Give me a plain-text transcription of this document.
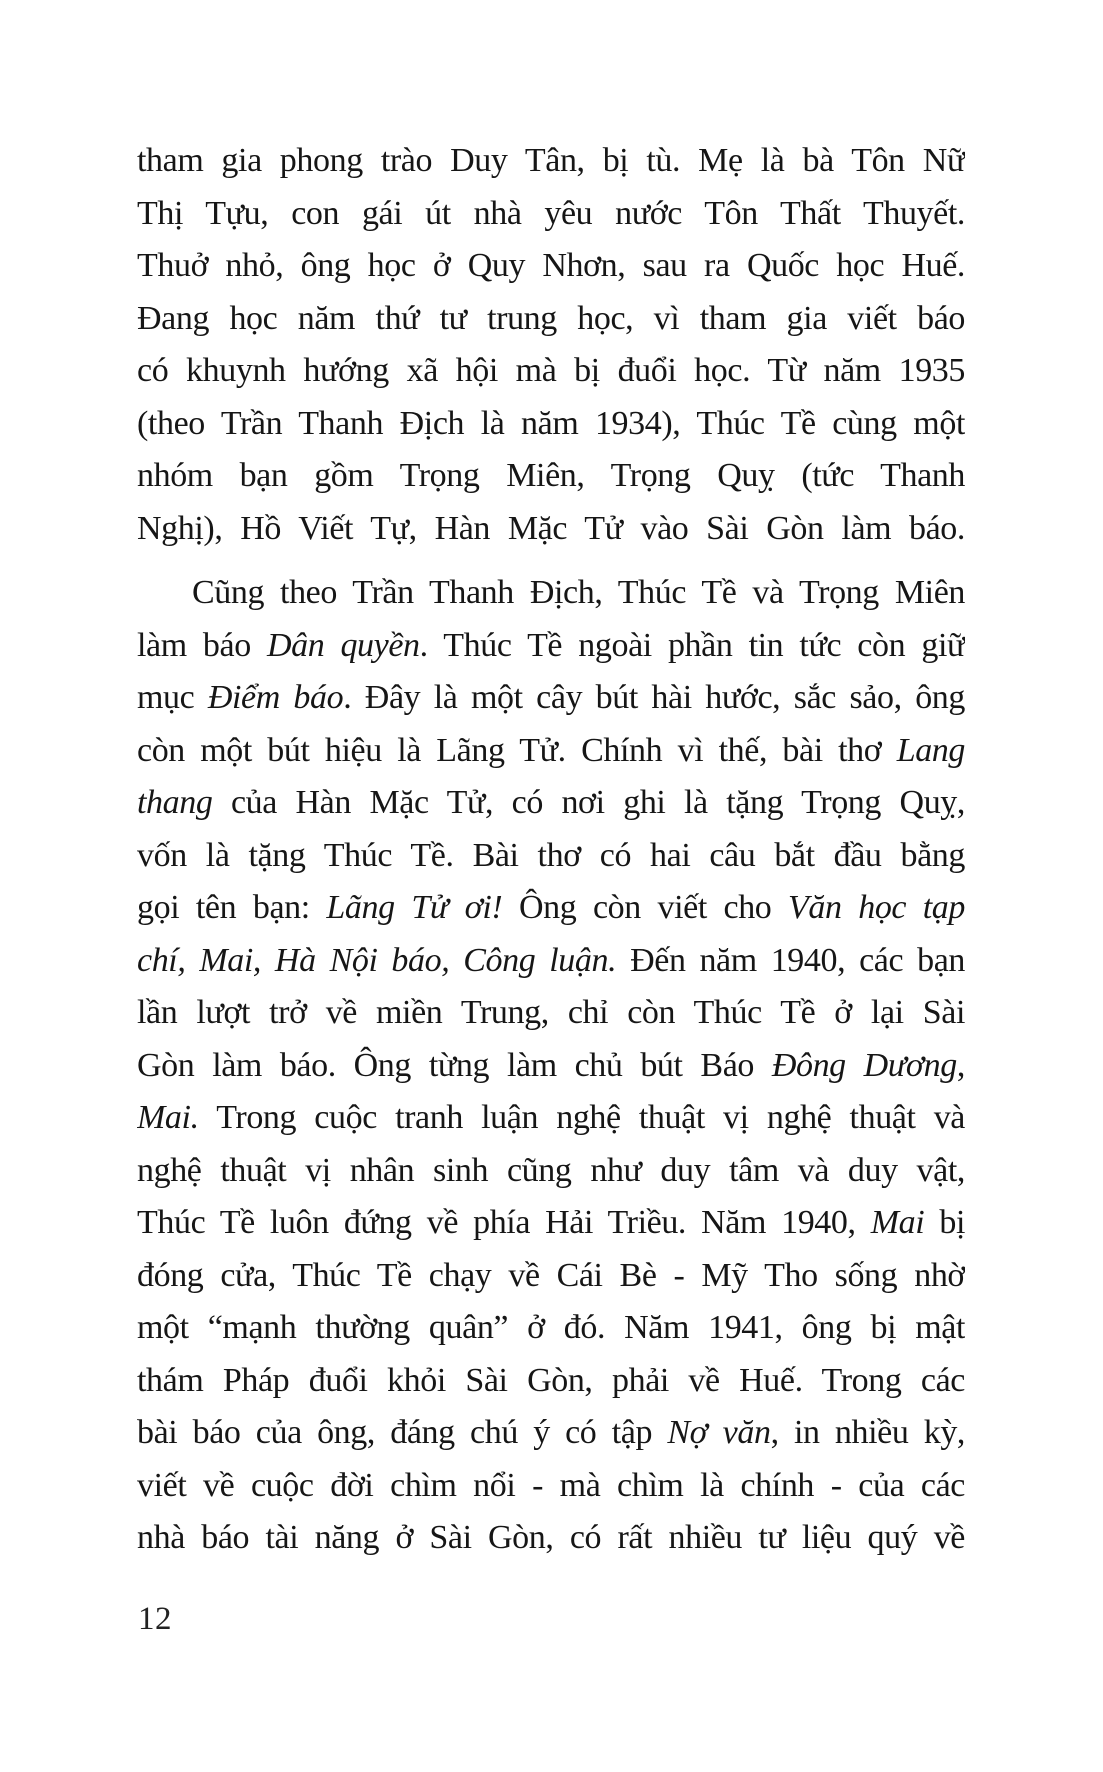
tham gia phong trào Duy Tân, bị tù. Mẹ là bà Tôn Nữ
Thị Tựu, con gái út nhà yêu nước Tôn Thất Thuyết.
Thuở nhỏ, ông học ở Quy Nhơn, sau ra Quốc học Huế.
Đang học năm thứ tư trung học, vì tham gia viết báo
có khuynh hướng xã hội mà bị đuổi học. Từ năm 1935
(theo Trần Thanh Địch là năm 1934), Thúc Tề cùng một
nhóm bạn gồm Trọng Miên, Trọng Quỵ (tức Thanh
Nghị), Hồ Viết Tự, Hàn Mặc Tử vào Sài Gòn làm báo.
Cũng theo Trần Thanh Địch, Thúc Tề và Trọng Miên
làm báo Dân quyền. Thúc Tề ngoài phần tin tức còn giữ
mục Điểm báo. Đây là một cây bút hài hước, sắc sảo, ông
còn một bút hiệu là Lãng Tử. Chính vì thế, bài thơ Lang
thang của Hàn Mặc Tử, có nơi ghi là tặng Trọng Quỵ,
vốn là tặng Thúc Tề. Bài thơ có hai câu bắt đầu bằng
gọi tên bạn: Lãng Tử ơi! Ông còn viết cho Văn học tạp
chí, Mai, Hà Nội báo, Công luận. Đến năm 1940, các bạn
lần lượt trở về miền Trung, chỉ còn Thúc Tề ở lại Sài
Gòn làm báo. Ông từng làm chủ bút Báo Đông Dương,
Mai. Trong cuộc tranh luận nghệ thuật vị nghệ thuật và
nghệ thuật vị nhân sinh cũng như duy tâm và duy vật,
Thúc Tề luôn đứng về phía Hải Triều. Năm 1940, Mai bị
đóng cửa, Thúc Tề chạy về Cái Bè - Mỹ Tho sống nhờ
một “mạnh thường quân” ở đó. Năm 1941, ông bị mật
thám Pháp đuổi khỏi Sài Gòn, phải về Huế. Trong các
bài báo của ông, đáng chú ý có tập Nợ văn, in nhiều kỳ,
viết về cuộc đời chìm nổi - mà chìm là chính - của các
nhà báo tài năng ở Sài Gòn, có rất nhiều tư liệu quý về
12
